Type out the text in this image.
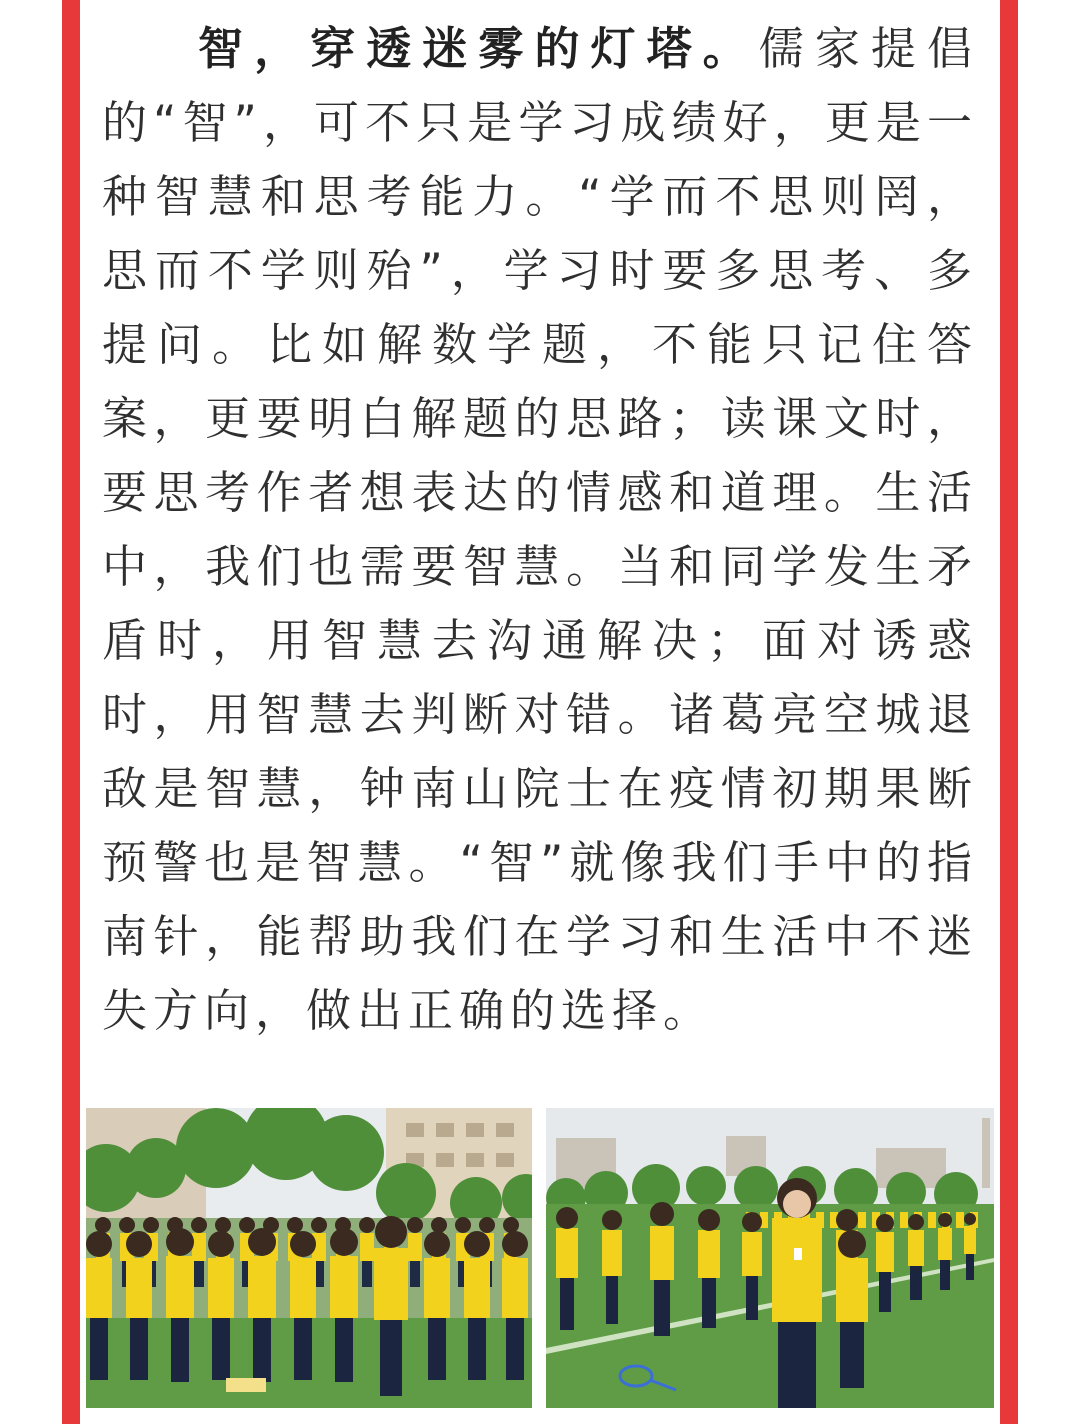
智，穿透迷雾的灯塔。儒家提倡的“智”，可不只是学习成绩好，更是一种智慧和思考能力。“学而不思则罔，思而不学则殆”，学习时要多思考、多提问。比如解数学题，不能只记住答案，更要明白解题的思路；读课文时，要思考作者想表达的情感和道理。生活中，我们也需要智慧。当和同学发生矛盾时，用智慧去沟通解决；面对诱惑时，用智慧去判断对错。诸葛亮空城退敌是智慧，钟南山院士在疫情初期果断预警也是智慧。“智”就像我们手中的指南针，能帮助我们在学习和生活中不迷失方向，做出正确的选择。
